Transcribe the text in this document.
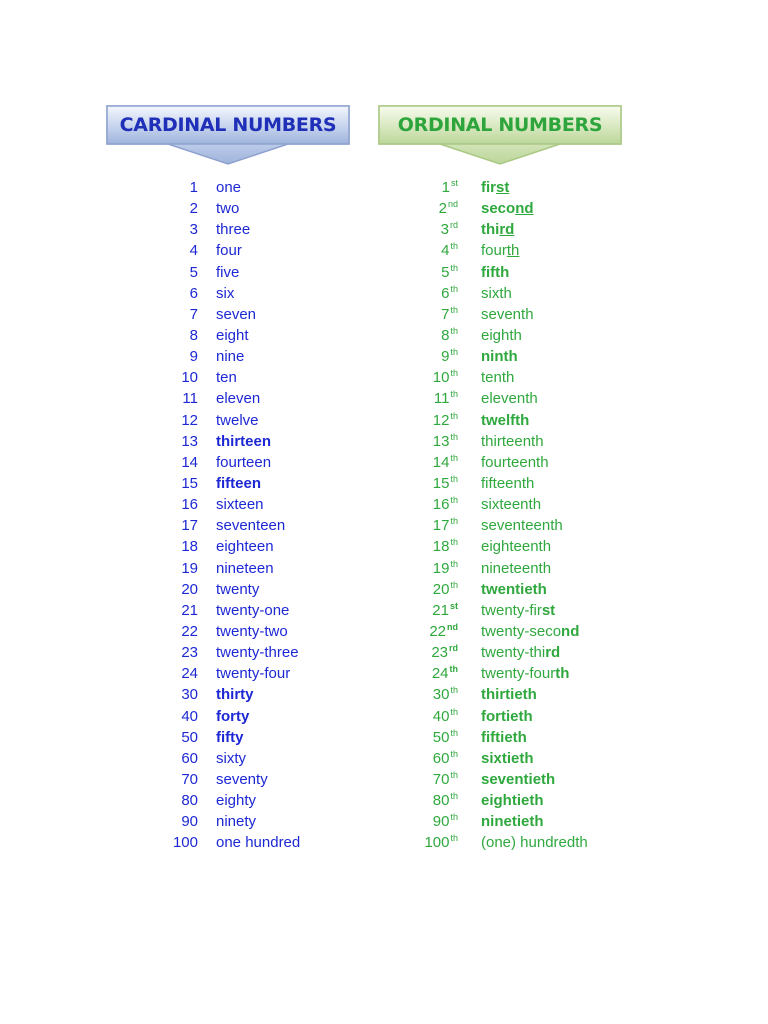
CARDINAL NUMBERS	ORDINAL NUMBERS
1 one	1st first
2 two	2nd second
3 three	3rd third
4 four	4th fourth
5 five	5th fifth
6 six	6th sixth
7 seven	7th seventh
8 eight	8th eighth
9 nine	9th ninth
10 ten	10th tenth
11 eleven	11th eleventh
12 twelve	12th twelfth
13 thirteen	13th thirteenth
14 fourteen	14th fourteenth
15 fifteen	15th fifteenth
16 sixteen	16th sixteenth
17 seventeen	17th seventeenth
18 eighteen	18th eighteenth
19 nineteen	19th nineteenth
20 twenty	20th twentieth
21 twenty-one	21st twenty-first
22 twenty-two	22nd twenty-second
23 twenty-three	23rd twenty-third
24 twenty-four	24th twenty-fourth
30 thirty	30th thirtieth
40 forty	40th fortieth
50 fifty	50th fiftieth
60 sixty	60th sixtieth
70 seventy	70th seventieth
80 eighty	80th eightieth
90 ninety	90th ninetieth
100 one hundred	100th (one) hundredth
